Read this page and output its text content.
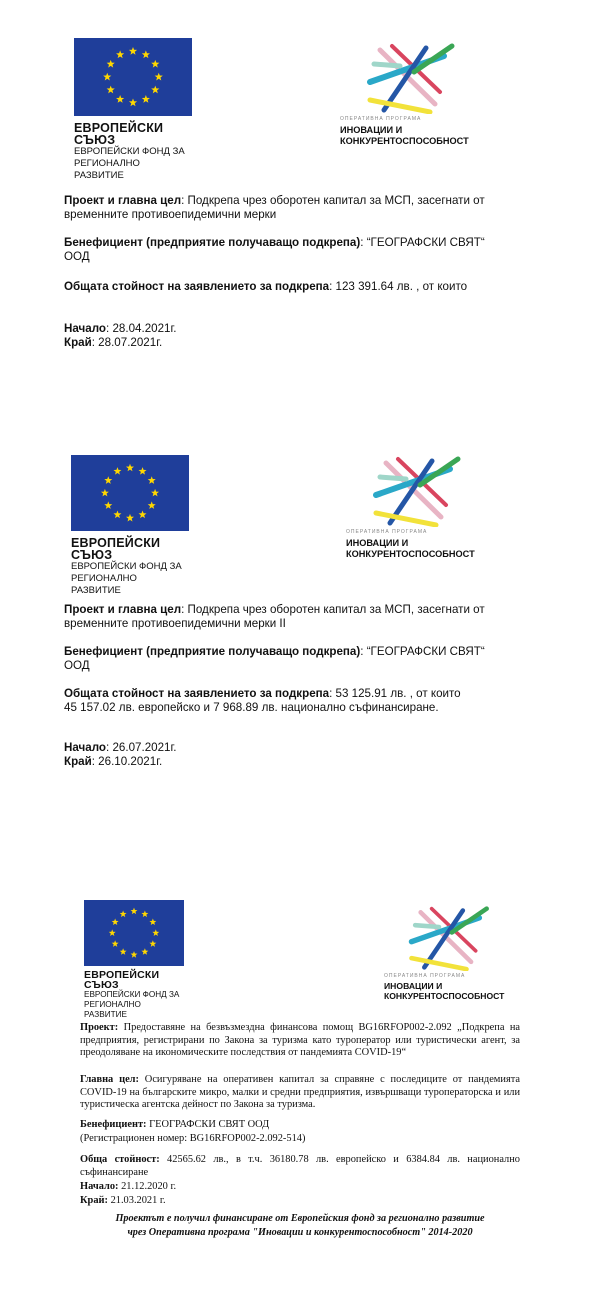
ЕВРОПЕЙСКИ СЪЮЗ
ЕВРОПЕЙСКИ ФОНД ЗА
РЕГИОНАЛНО РАЗВИТИЕ
ОПЕРАТИВНА ПРОГРАМА
ИНОВАЦИИ И
КОНКУРЕНТОСПОСОБНОСТ
Проект и главна цел: Подкрепа чрез оборотен капитал за МСП, засегнати от временните противоепидемични мерки
Бенефициент (предприятие получаващо подкрепа): “ГЕОГРАФСКИ СВЯТ“ ООД
Общата стойност на заявлението за подкрепа: 123 391.64 лв. , от които
Начало: 28.04.2021г.
Край: 28.07.2021г.
ЕВРОПЕЙСКИ СЪЮЗ
ЕВРОПЕЙСКИ ФОНД ЗА
РЕГИОНАЛНО РАЗВИТИЕ
ОПЕРАТИВНА ПРОГРАМА
ИНОВАЦИИ И
КОНКУРЕНТОСПОСОБНОСТ
Проект и главна цел: Подкрепа чрез оборотен капитал за МСП, засегнати от временните противоепидемични мерки II
Бенефициент (предприятие получаващо подкрепа): “ГЕОГРАФСКИ СВЯТ“ ООД
Общата стойност на заявлението за подкрепа: 53 125.91 лв. , от които
45 157.02 лв. европейско и 7 968.89 лв. национално съфинансиране.
Начало: 26.07.2021г.
Край: 26.10.2021г.
ЕВРОПЕЙСКИ СЪЮЗ
ЕВРОПЕЙСКИ ФОНД ЗА
РЕГИОНАЛНО РАЗВИТИЕ
ОПЕРАТИВНА ПРОГРАМА
ИНОВАЦИИ И
КОНКУРЕНТОСПОСОБНОСТ
Проект: Предоставяне на безвъзмездна финансова помощ BG16RFOP002-2.092 „Подкрепа на предприятия, регистрирани по Закона за туризма като туроператор или туристически агент, за преодоляване на икономическите последствия от пандемията COVID-19“
Главна цел: Осигуряване на оперативен капитал за справяне с последиците от пандемията COVID-19 на българските микро, малки и средни предприятия, извършващи туроператорска и или туристическа агентска дейност по Закона за туризма.
Бенефициент: ГЕОГРАФСКИ СВЯТ ООД
(Регистрационен номер: BG16RFOP002-2.092-514)
Обща стойност: 42565.62 лв., в т.ч. 36180.78 лв. европейско и 6384.84 лв. национално съфинансиране
Начало: 21.12.2020 г.
Край: 21.03.2021 г.
Проектът е получил финансиране от Европейския фонд за регионално развитие
чрез Оперативна програма "Иновации и конкурентоспособност" 2014-2020
